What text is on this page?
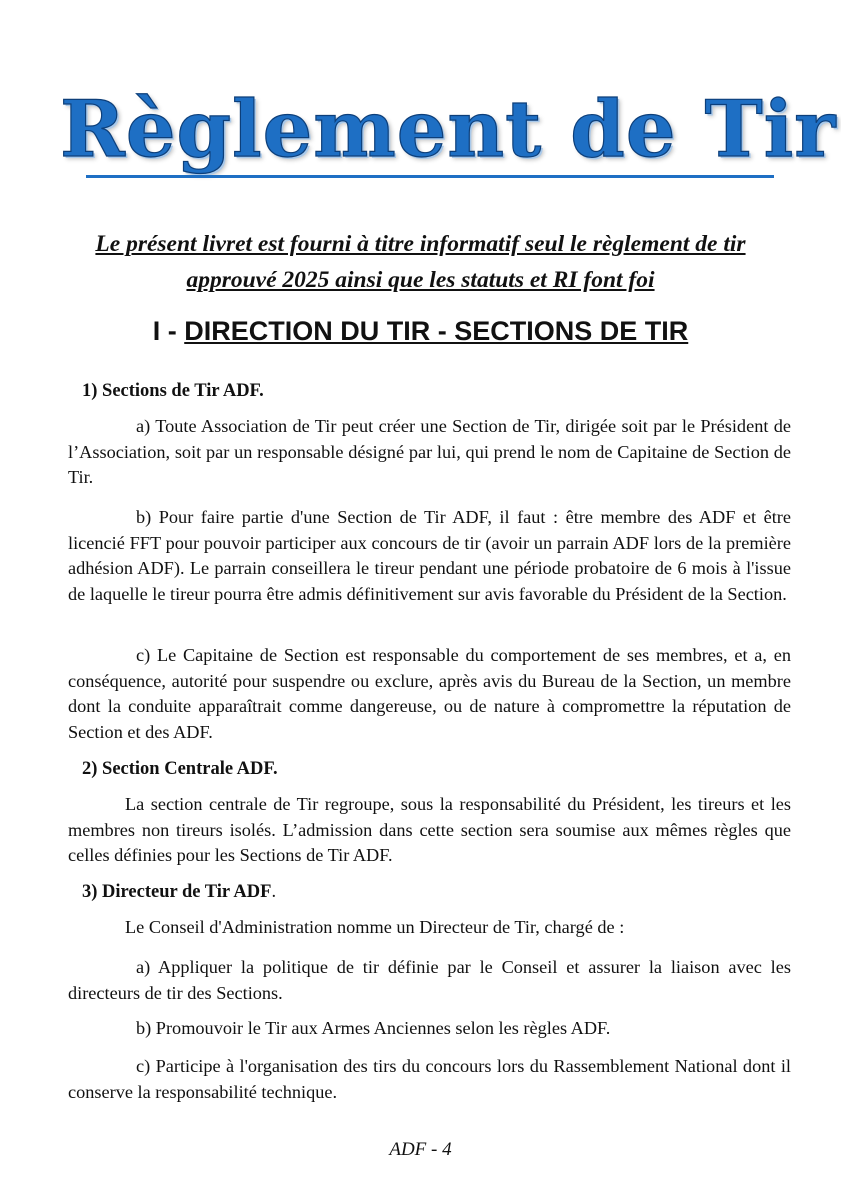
Règlement de Tir
Le présent livret est fourni à titre informatif seul le règlement de tir approuvé 2025 ainsi que les statuts et RI font foi
I - DIRECTION DU TIR - SECTIONS DE TIR
1) Sections de Tir ADF.
a) Toute Association de Tir peut créer une Section de Tir, dirigée soit par le Président de l’Association, soit par un responsable désigné par lui, qui prend le nom de Capitaine de Section de Tir.
b) Pour faire partie d'une Section de Tir ADF, il faut : être membre des ADF et être licencié FFT pour pouvoir participer aux concours de tir (avoir un parrain ADF lors de la première adhésion ADF). Le parrain conseillera le tireur pendant une période probatoire de 6 mois à l'issue de laquelle le tireur pourra être admis définitivement sur avis favorable du Président de la Section.
c) Le Capitaine de Section est responsable du comportement de ses membres, et a, en conséquence, autorité pour suspendre ou exclure, après avis du Bureau de la Section, un membre dont la conduite apparaîtrait comme dangereuse, ou de nature à compromettre la réputation de Section et des ADF.
2) Section Centrale ADF.
La section centrale de Tir regroupe, sous la responsabilité du Président, les tireurs et les membres non tireurs isolés. L’admission dans cette section sera soumise aux mêmes règles que celles définies pour les Sections de Tir ADF.
3) Directeur de Tir ADF.
Le Conseil d'Administration nomme un Directeur de Tir, chargé de :
a) Appliquer la politique de tir définie par le Conseil et assurer la liaison avec les directeurs de tir des Sections.
b) Promouvoir le Tir aux Armes Anciennes selon les règles ADF.
c) Participe à l'organisation des tirs du concours lors du Rassemblement National dont il conserve la responsabilité technique.
ADF - 4
